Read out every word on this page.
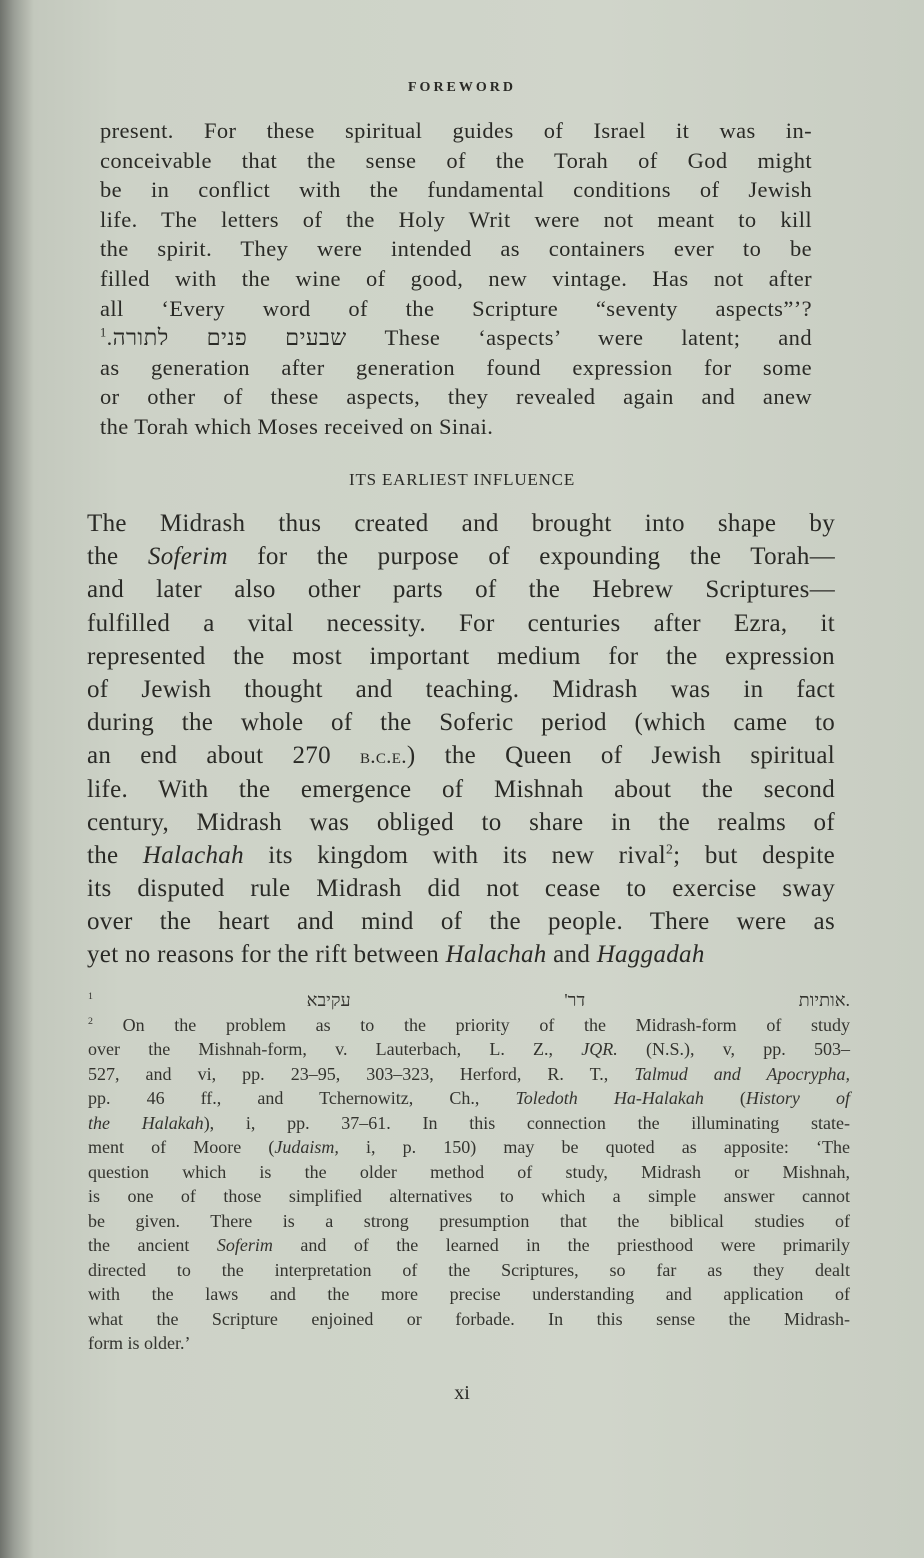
FOREWORD
present. For these spiritual guides of Israel it was in-
conceivable that the sense of the Torah of God might
be in conflict with the fundamental conditions of Jewish
life. The letters of the Holy Writ were not meant to kill
the spirit. They were intended as containers ever to be
filled with the wine of good, new vintage. Has not after
all ‘Every word of the Scripture “seventy aspects”’?
שבעים פנים לתורה.$^1$	These ‘aspects’ were latent; and
as generation after generation found expression for some
or other of these aspects, they revealed again and anew
the Torah which Moses received on Sinai.
ITS EARLIEST INFLUENCE
The Midrash thus created and brought into shape by
the Soferim for the purpose of expounding the Torah—
and later also other parts of the Hebrew Scriptures—
fulfilled a vital necessity. For centuries after Ezra, it
represented the most important medium for the expression
of Jewish thought and teaching. Midrash was in fact
during the whole of the Soferic period (which came to
an end about 270 b.c.e.) the Queen of Jewish spiritual
life. With the emergence of Mishnah about the second
century, Midrash was obliged to share in the realms of
the Halachah its kingdom with its new rival$^2$; but despite
its disputed rule Midrash did not cease to exercise sway
over the heart and mind of the people. There were as
yet no reasons for the rift between Halachah and Haggadah
$^1$ אותיות דר' עקיבא.
$^2$ On the problem as to the priority of the Midrash-form of study
over the Mishnah-form, v. Lauterbach, L. Z., JQR. (N.S.), v, pp. 503–
527, and vi, pp. 23–95, 303–323, Herford, R. T., Talmud and Apocrypha,
pp. 46 ff., and Tchernowitz, Ch., Toledoth Ha-Halakah (History of
the Halakah), i, pp. 37–61. In this connection the illuminating state-
ment of Moore (Judaism, i, p. 150) may be quoted as apposite: ‘The
question which is the older method of study, Midrash or Mishnah,
is one of those simplified alternatives to which a simple answer cannot
be given. There is a strong presumption that the biblical studies of
the ancient Soferim and of the learned in the priesthood were primarily
directed to the interpretation of the Scriptures, so far as they dealt
with the laws and the more precise understanding and application of
what the Scripture enjoined or forbade. In this sense the Midrash-
form is older.’
xi
